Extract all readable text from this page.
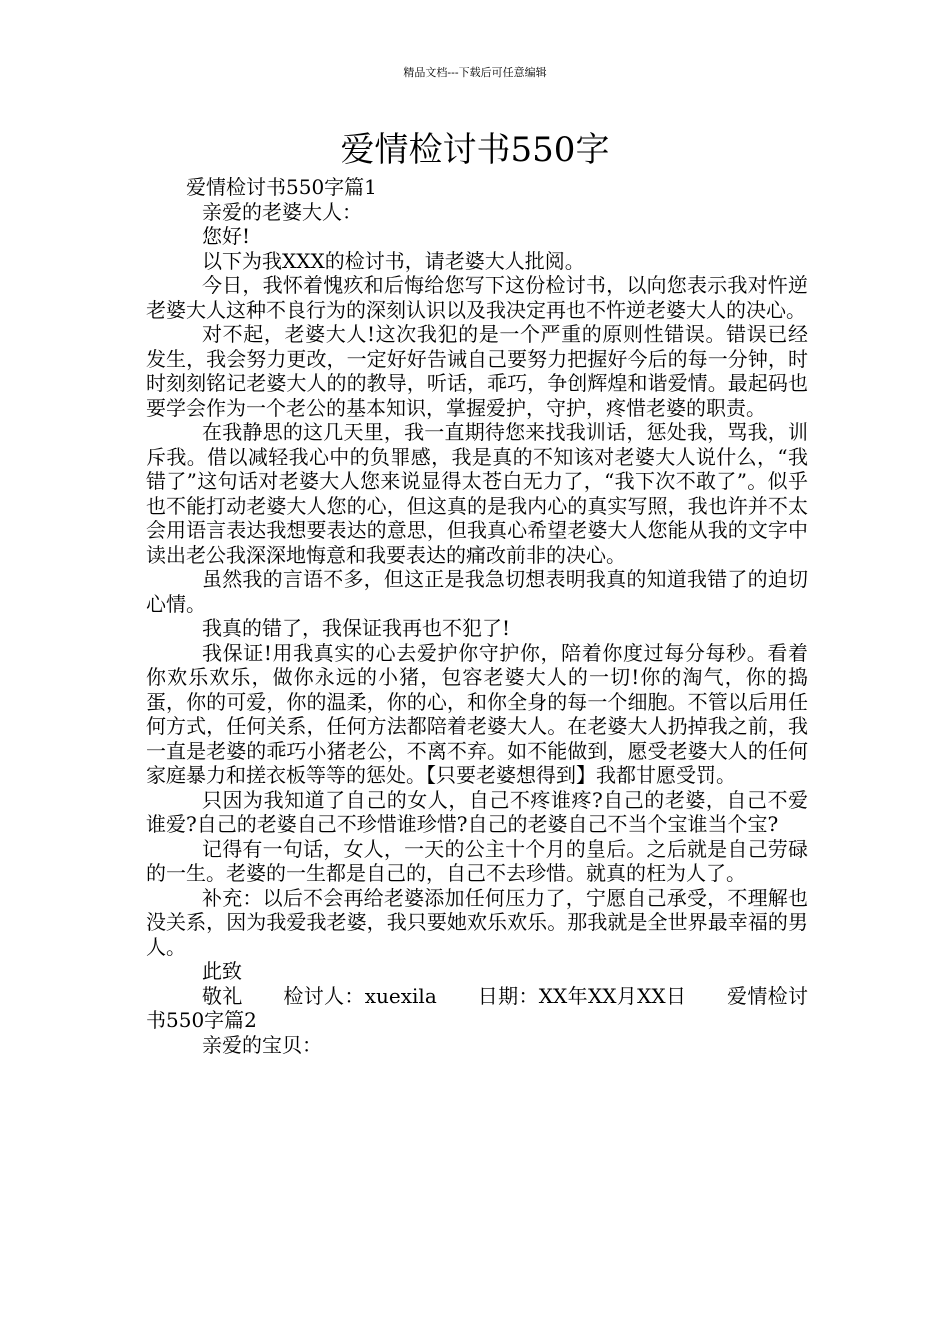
精品文档---下载后可任意编辑
爱情检讨书550字

爱情检讨书550字篇1

亲爱的老婆大人：

您好!

以下为我XXX的检讨书，请老婆大人批阅。

今日，我怀着愧疚和后悔给您写下这份检讨书，以向您表示我对忤逆老婆大人这种不良行为的深刻认识以及我决定再也不忤逆老婆大人的决心。

对不起，老婆大人!这次我犯的是一个严重的原则性错误。错误已经发生，我会努力更改，一定好好告诫自己要努力把握好今后的每一分钟，时时刻刻铭记老婆大人的的教导，听话，乖巧，争创辉煌和谐爱情。最起码也要学会作为一个老公的基本知识，掌握爱护，守护，疼惜老婆的职责。

在我静思的这几天里，我一直期待您来找我训话，惩处我，骂我，训斥我。借以减轻我心中的负罪感，我是真的不知该对老婆大人说什么，“我错了”这句话对老婆大人您来说显得太苍白无力了，“我下次不敢了”。似乎也不能打动老婆大人您的心，但这真的是我内心的真实写照，我也许并不太会用语言表达我想要表达的意思，但我真心希望老婆大人您能从我的文字中读出老公我深深地悔意和我要表达的痛改前非的决心。

虽然我的言语不多，但这正是我急切想表明我真的知道我错了的迫切心情。

我真的错了，我保证我再也不犯了!

我保证!用我真实的心去爱护你守护你，陪着你度过每分每秒。看着你欢乐欢乐，做你永远的小猪，包容老婆大人的一切!你的淘气，你的捣蛋，你的可爱，你的温柔，你的心，和你全身的每一个细胞。不管以后用任何方式，任何关系，任何方法都陪着老婆大人。在老婆大人扔掉我之前，我一直是老婆的乖巧小猪老公，不离不弃。如不能做到，愿受老婆大人的任何家庭暴力和搓衣板等等的惩处。【只要老婆想得到】我都甘愿受罚。

只因为我知道了自己的女人，自己不疼谁疼?自己的老婆，自己不爱谁爱?自己的老婆自己不珍惜谁珍惜?自己的老婆自己不当个宝谁当个宝?

记得有一句话，女人，一天的公主十个月的皇后。之后就是自己劳碌的一生。老婆的一生都是自己的，自己不去珍惜。就真的枉为人了。

补充：以后不会再给老婆添加任何压力了，宁愿自己承受，不理解也没关系，因为我爱我老婆，我只要她欢乐欢乐。那我就是全世界最幸福的男人。

此致

敬礼　　检讨人：xuexila　　日期：XX年XX月XX日　　爱情检讨书550字篇2

亲爱的宝贝：
